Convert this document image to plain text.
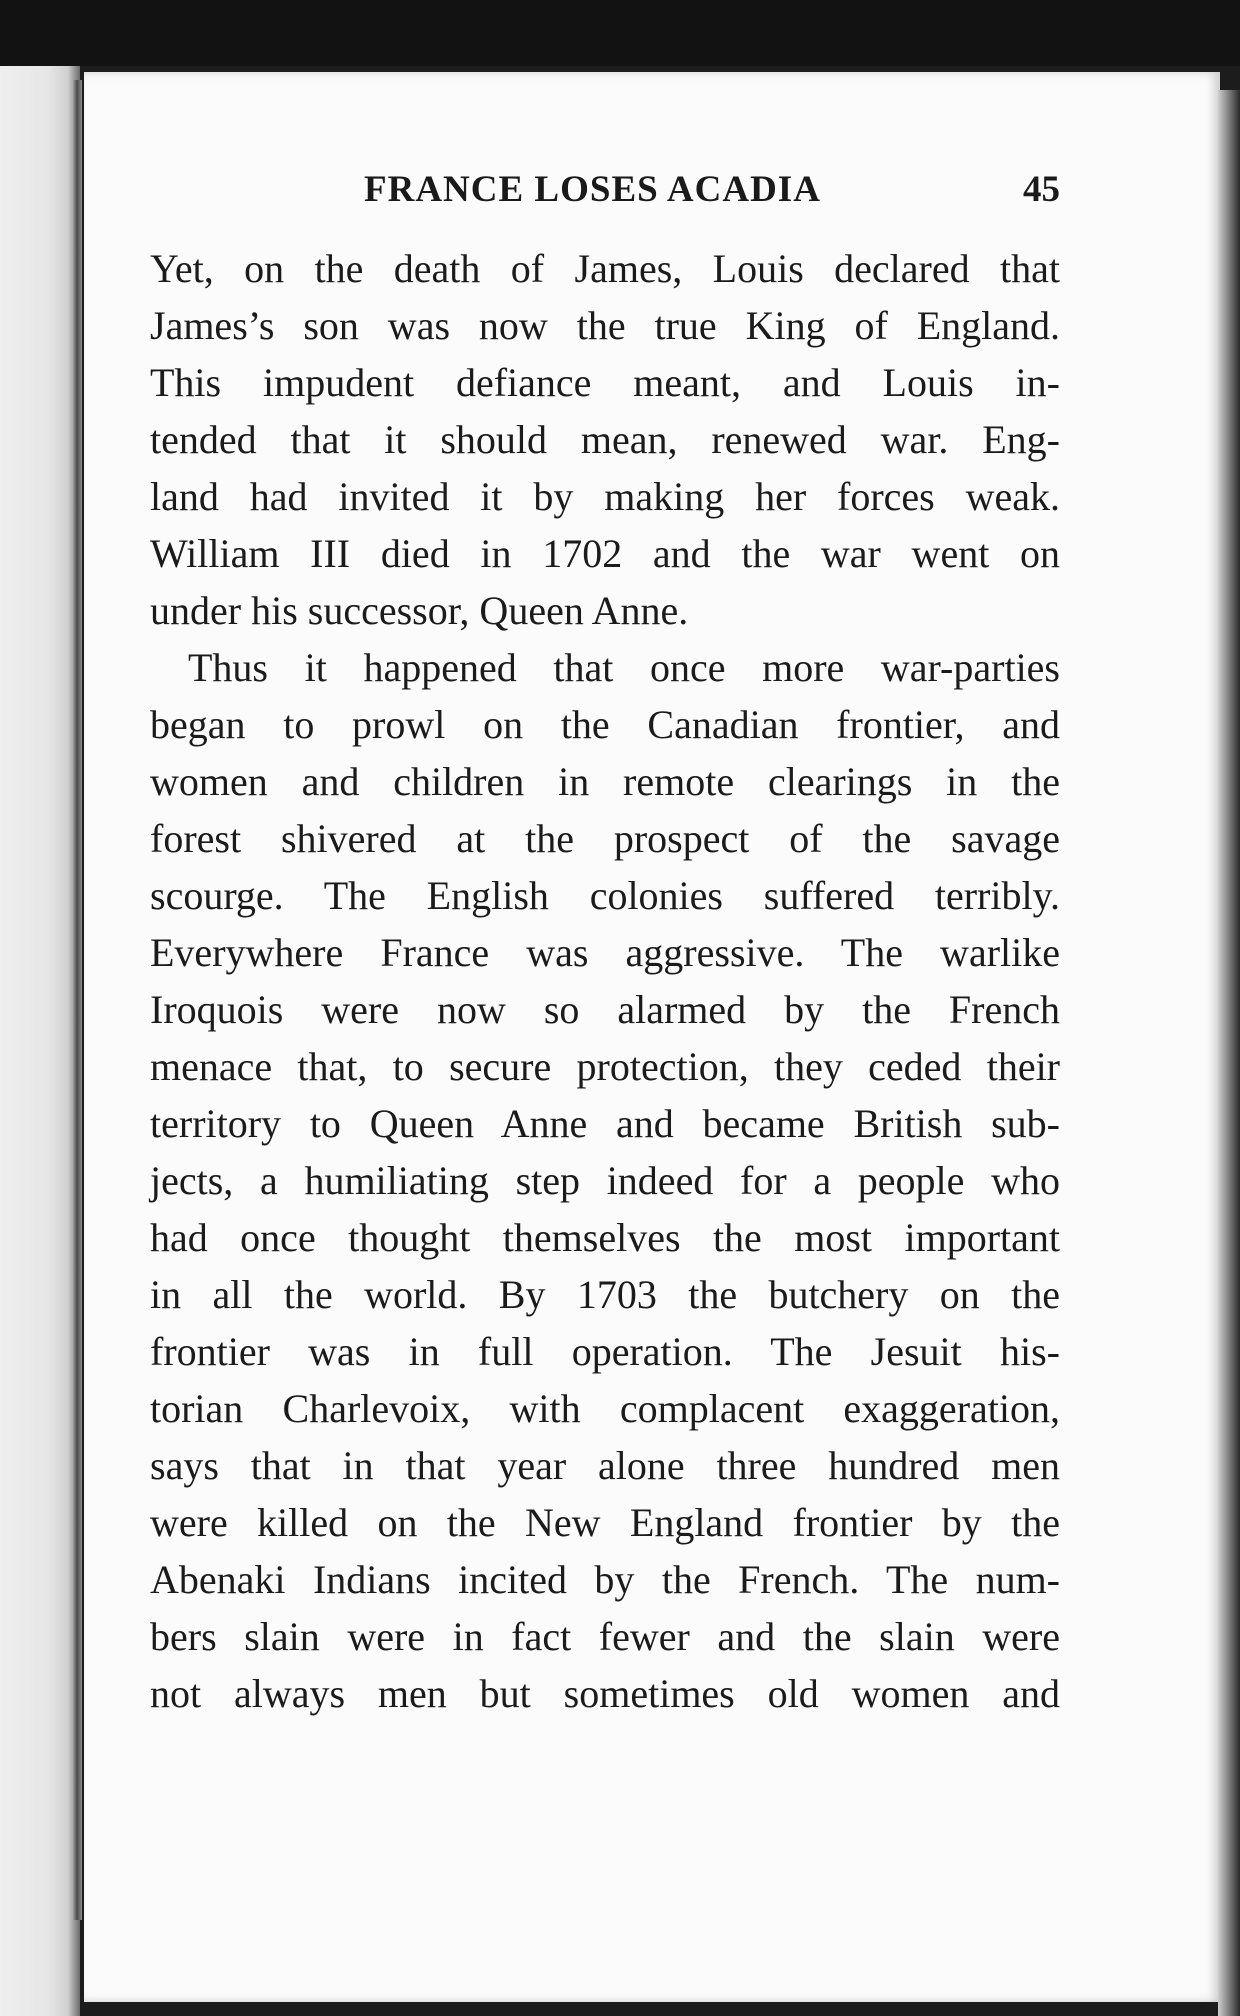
FRANCE LOSES ACADIA	45
Yet, on the death of James, Louis declared that
James’s son was now the true King of England.
This impudent defiance meant, and Louis in-
tended that it should mean, renewed war. Eng-
land had invited it by making her forces weak.
William III died in 1702 and the war went on
under his successor, Queen Anne.
Thus it happened that once more war-parties
began to prowl on the Canadian frontier, and
women and children in remote clearings in the
forest shivered at the prospect of the savage
scourge. The English colonies suffered terribly.
Everywhere France was aggressive. The warlike
Iroquois were now so alarmed by the French
menace that, to secure protection, they ceded their
territory to Queen Anne and became British sub-
jects, a humiliating step indeed for a people who
had once thought themselves the most important
in all the world. By 1703 the butchery on the
frontier was in full operation. The Jesuit his-
torian Charlevoix, with complacent exaggeration,
says that in that year alone three hundred men
were killed on the New England frontier by the
Abenaki Indians incited by the French. The num-
bers slain were in fact fewer and the slain were
not always men but sometimes old women and
